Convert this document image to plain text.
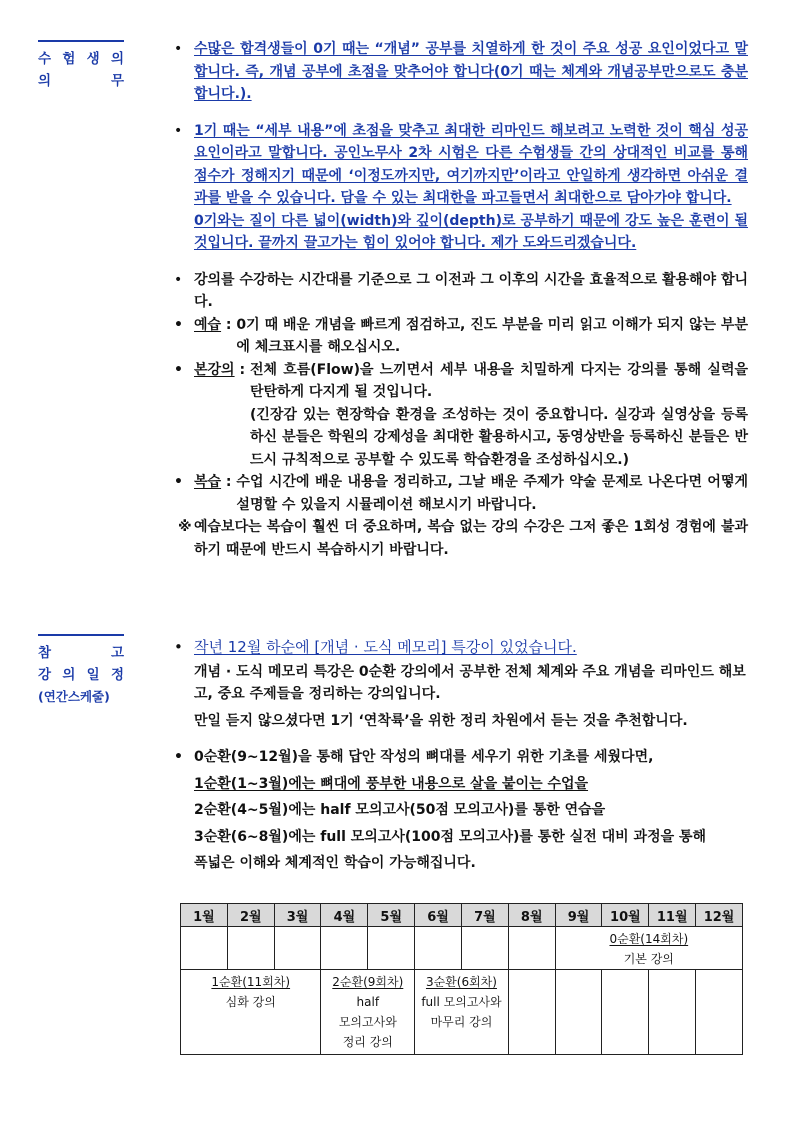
수 험 생 의
의	무
참	고
강 의 일 정
(연간스케줄)
• 수많은 합격생들이 0기 때는 “개념” 공부를 치열하게 한 것이 주요 성공 요인이었다고 말합니다. 즉, 개념 공부에 초점을 맞추어야 합니다(0기 때는 체계와 개념공부만으로도 충분합니다.).
• 1기 때는 “세부 내용”에 초점을 맞추고 최대한 리마인드 해보려고 노력한 것이 핵심 성공 요인이라고 말합니다. 공인노무사 2차 시험은 다른 수험생들 간의 상대적인 비교를 통해 점수가 정해지기 때문에 ‘이정도까지만, 여기까지만’이라고 안일하게 생각하면 아쉬운 결과를 받을 수 있습니다. 담을 수 있는 최대한을 파고들면서 최대한으로 담아가야 합니다.
0기와는 질이 다른 넓이(width)와 깊이(depth)로 공부하기 때문에 강도 높은 훈련이 될 것입니다. 끝까지 끌고가는 힘이 있어야 합니다. 제가 도와드리겠습니다.
• 강의를 수강하는 시간대를 기준으로 그 이전과 그 이후의 시간을 효율적으로 활용해야 합니다.
• 예습 : 0기 때 배운 개념을 빠르게 점검하고, 진도 부분을 미리 읽고 이해가 되지 않는 부분에 체크표시를 해오십시오.
• 본강의 : 전체 흐름(Flow)을 느끼면서 세부 내용을 치밀하게 다지는 강의를 통해 실력을 탄탄하게 다지게 될 것입니다.
(긴장감 있는 현장학습 환경을 조성하는 것이 중요합니다. 실강과 실영상을 등록하신 분들은 학원의 강제성을 최대한 활용하시고, 동영상반을 등록하신 분들은 반드시 규칙적으로 공부할 수 있도록 학습환경을 조성하십시오.)
• 복습 : 수업 시간에 배운 내용을 정리하고, 그날 배운 주제가 약술 문제로 나온다면 어떻게 설명할 수 있을지 시뮬레이션 해보시기 바랍니다.
※ 예습보다는 복습이 훨씬 더 중요하며, 복습 없는 강의 수강은 그저 좋은 1회성 경험에 불과하기 때문에 반드시 복습하시기 바랍니다.
• 작년 12월 하순에 [개념 · 도식 메모리] 특강이 있었습니다.
개념 · 도식 메모리 특강은 0순환 강의에서 공부한 전체 체계와 주요 개념을 리마인드 해보고, 중요 주제들을 정리하는 강의입니다.
만일 듣지 않으셨다면 1기 ‘연착륙’을 위한 정리 차원에서 듣는 것을 추천합니다.
• 0순환(9~12월)을 통해 답안 작성의 뼈대를 세우기 위한 기초를 세웠다면,
1순환(1~3월)에는 뼈대에 풍부한 내용으로 살을 붙이는 수업을
2순환(4~5월)에는 half 모의고사(50점 모의고사)를 통한 연습을
3순환(6~8월)에는 full 모의고사(100점 모의고사)를 통한 실전 대비 과정을 통해
폭넓은 이해와 체계적인 학습이 가능해집니다.
1월	2월	3월	4월	5월	6월	7월	8월	9월	10월	11월	12월

								0순환(14회차)
기본 강의			

1순환(11회차)
심화 강의			2순환(9회차)
half
모의고사와
정리 강의		3순환(6회차)
full 모의고사와
마무리 강의						
